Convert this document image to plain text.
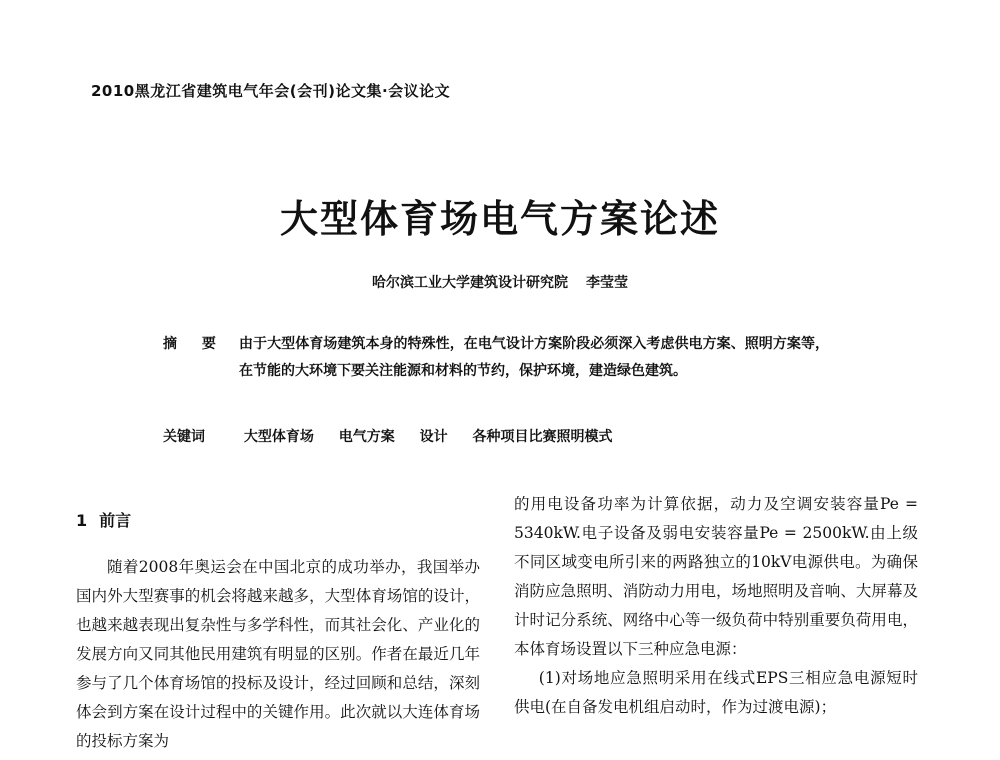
2010黑龙江省建筑电气年会(会刊)论文集·会议论文
大型体育场电气方案论述
哈尔滨工业大学建筑设计研究院 李莹莹
摘 要 由于大型体育场建筑本身的特殊性，在电气设计方案阶段必须深入考虑供电方案、照明方案等，在节能的大环境下要关注能源和材料的节约，保护环境，建造绿色建筑。
关键词	大型体育场 电气方案 设计 各种项目比赛照明模式
1 前言

随着2008年奥运会在中国北京的成功举办，我国举办国内外大型赛事的机会将越来越多，大型体育场馆的设计，也越来越表现出复杂性与多学科性，而其社会化、产业化的发展方向又同其他民用建筑有明显的区别。作者在最近几年参与了几个体育场馆的投标及设计，经过回顾和总结，深刻体会到方案在设计过程中的关键作用。此次就以大连体育场的投标方案为

的用电设备功率为计算依据，动力及空调安装容量Pe = 5340kW.电子设备及弱电安装容量Pe = 2500kW.由上级不同区域变电所引来的两路独立的10kV电源供电。为确保消防应急照明、消防动力用电，场地照明及音响、大屏幕及计时记分系统、网络中心等一级负荷中特别重要负荷用电，本体育场设置以下三种应急电源：

(1)对场地应急照明采用在线式EPS三相应急电源短时供电(在自备发电机组启动时，作为过渡电源)；
